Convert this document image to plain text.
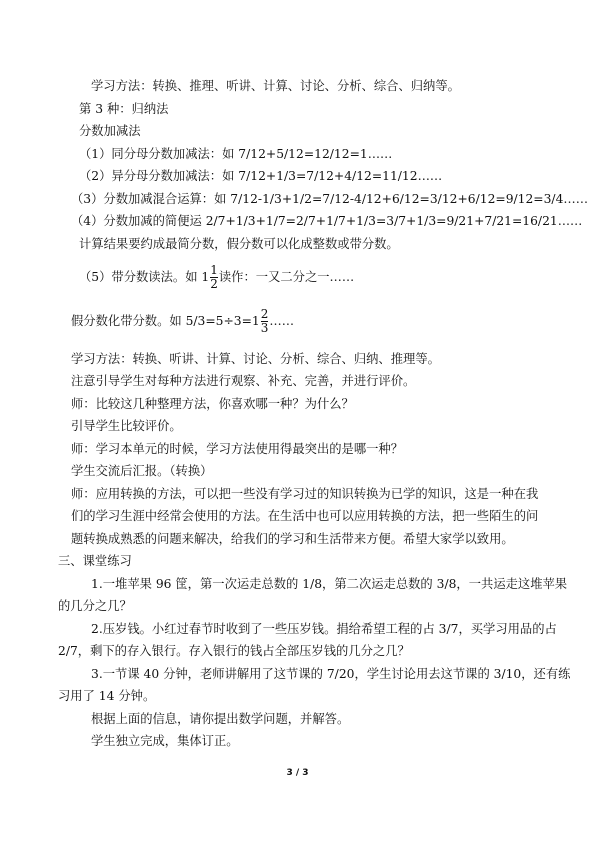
学习方法：转换、推理、听讲、计算、讨论、分析、综合、归纳等。
第 3 种：归纳法
分数加减法
（1）同分母分数加减法：如 7/12+5/12=12/12=1……
（2）异分母分数加减法：如 7/12+1/3=7/12+4/12=11/12……
（3）分数加减混合运算：如 7/12-1/3+1/2=7/12-4/12+6/12=3/12+6/12=9/12=3/4……
（4）分数加减的简便运 2/7+1/3+1/7=2/7+1/7+1/3=3/7+1/3=9/21+7/21=16/21……
计算结果要约成最简分数，假分数可以化成整数或带分数。
（5）带分数读法。如 $1 \frac{1}{2}$ 读作：一又二分之一……
假分数化带分数。如 $5/3=5\div 3=1 \frac{2}{3}$ ……
学习方法：转换、听讲、计算、讨论、分析、综合、归纳、推理等。
注意引导学生对每种方法进行观察、补充、完善，并进行评价。
师：比较这几种整理方法，你喜欢哪一种？为什么？
引导学生比较评价。
师：学习本单元的时候，学习方法使用得最突出的是哪一种？
学生交流后汇报。（转换）
师：应用转换的方法，可以把一些没有学习过的知识转换为已学的知识，这是一种在我
们的学习生涯中经常会使用的方法。在生活中也可以应用转换的方法，把一些陌生的问
题转换成熟悉的问题来解决，给我们的学习和生活带来方便。希望大家学以致用。
三、课堂练习
1.一堆苹果 96 筐，第一次运走总数的 1/8，第二次运走总数的 3/8，一共运走这堆苹果
的几分之几？
2.压岁钱。小红过春节时收到了一些压岁钱。捐给希望工程的占 3/7，买学习用品的占
2/7，剩下的存入银行。存入银行的钱占全部压岁钱的几分之几？
3.一节课 40 分钟，老师讲解用了这节课的 7/20，学生讨论用去这节课的 3/10，还有练
习用了 14 分钟。
根据上面的信息，请你提出数学问题，并解答。
学生独立完成，集体订正。
3 / 3
